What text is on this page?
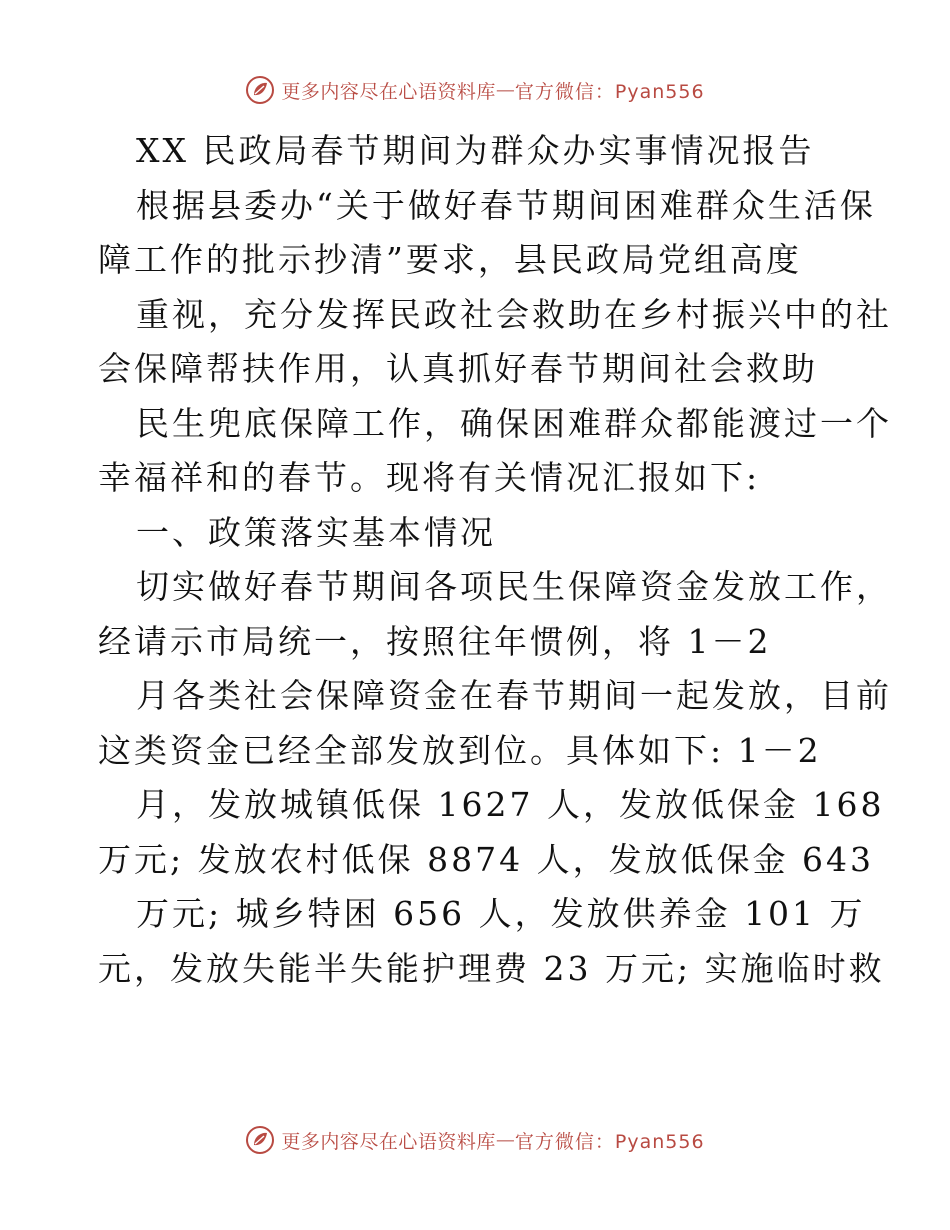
更多内容尽在心语资料库 — 官方微信：Pyan556
XX 民政局春节期间为群众办实事情况报告
根据县委办“关于做好春节期间困难群众生活保
障工作的批示抄清”要求，县民政局党组高度
重视，充分发挥民政社会救助在乡村振兴中的社
会保障帮扶作用，认真抓好春节期间社会救助
民生兜底保障工作，确保困难群众都能渡过一个
幸福祥和的春节。现将有关情况汇报如下:
一、政策落实基本情况
切实做好春节期间各项民生保障资金发放工作，
经请示市局统一，按照往年惯例，将 1－2
月各类社会保障资金在春节期间一起发放，目前
这类资金已经全部发放到位。具体如下: 1－2
月，发放城镇低保 1627 人，发放低保金 168
万元; 发放农村低保 8874 人，发放低保金 643
万元; 城乡特困 656 人，发放供养金 101 万
元，发放失能半失能护理费 23 万元; 实施临时救
更多内容尽在心语资料库 — 官方微信：Pyan556
